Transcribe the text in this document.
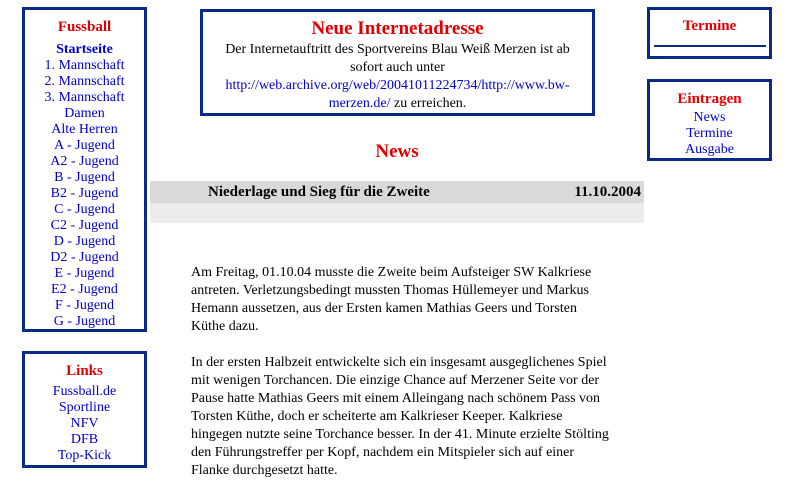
Fussball
Startseite
1. Mannschaft
2. Mannschaft
3. Mannschaft
Damen
Alte Herren
A - Jugend
A2 - Jugend
B - Jugend
B2 - Jugend
C - Jugend
C2 - Jugend
D - Jugend
D2 - Jugend
E - Jugend
E2 - Jugend
F - Jugend
G - Jugend
Links
Fussball.de
Sportline
NFV
DFB
Top-Kick
Neue Internetadresse
Der Internetauftritt des Sportvereins Blau Weiß Merzen ist ab sofort auch unter http://web.archive.org/web/20041011224734/http://www.bw-merzen.de/ zu erreichen.
Termine
Eintragen
News
Termine
Ausgabe
News
Niederlage und Sieg für die Zweite	11.10.2004

Am Freitag, 01.10.04 musste die Zweite beim Aufsteiger SW Kalkriese antreten. Verletzungsbedingt mussten Thomas Hüllemeyer und Markus Hemann aussetzen, aus der Ersten kamen Mathias Geers und Torsten Küthe dazu.

In der ersten Halbzeit entwickelte sich ein insgesamt ausgeglichenes Spiel mit wenigen Torchancen. Die einzige Chance auf Merzener Seite vor der Pause hatte Mathias Geers mit einem Alleingang nach schönem Pass von Torsten Küthe, doch er scheiterte am Kalkrieser Keeper. Kalkriese hingegen nutzte seine Torchance besser. In der 41. Minute erzielte Stölting den Führungstreffer per Kopf, nachdem ein Mitspieler sich auf einer Flanke durchgesetzt hatte.
